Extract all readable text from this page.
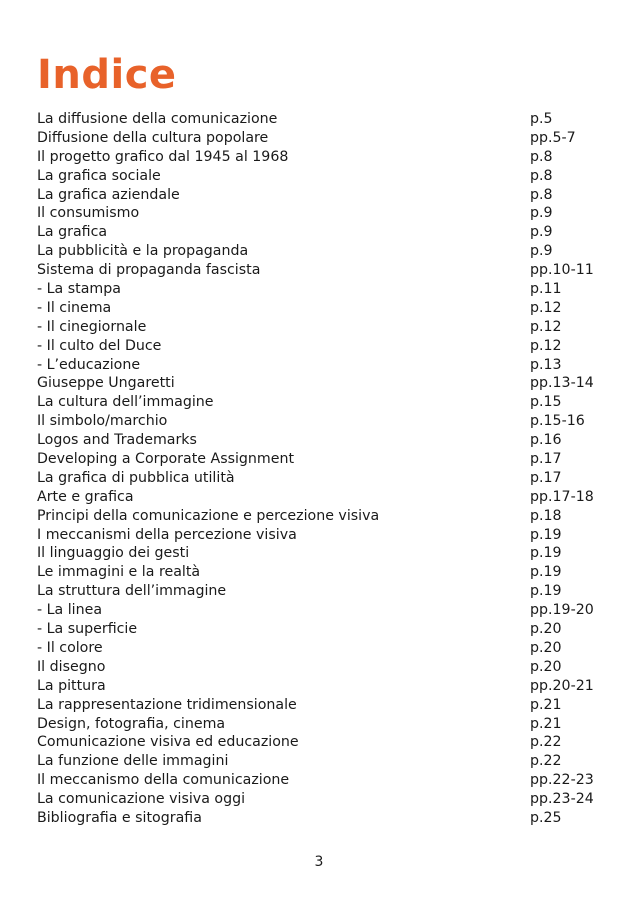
Indice
La diffusione della comunicazione	p.5
Diffusione della cultura popolare	pp.5-7
Il progetto grafico dal 1945 al 1968	p.8
La grafica sociale	p.8
La grafica aziendale	p.8
Il consumismo	p.9
La grafica	p.9
La pubblicità e la propaganda	p.9
Sistema di propaganda fascista	pp.10-11
- La stampa	p.11
- Il cinema	p.12
- Il cinegiornale	p.12
- Il culto del Duce	p.12
- L’educazione	p.13
Giuseppe Ungaretti	pp.13-14
La cultura dell’immagine	p.15
Il simbolo/marchio	p.15-16
Logos and Trademarks	p.16
Developing a Corporate Assignment	p.17
La grafica di pubblica utilità	p.17
Arte e grafica	pp.17-18
Principi della comunicazione e percezione visiva	p.18
I meccanismi della percezione visiva	p.19
Il linguaggio dei gesti	p.19
Le immagini e la realtà	p.19
La struttura dell’immagine	p.19
- La linea	pp.19-20
- La superficie	p.20
- Il colore	p.20
Il disegno	p.20
La pittura	pp.20-21
La rappresentazione tridimensionale	p.21
Design, fotografia, cinema	p.21
Comunicazione visiva ed educazione	p.22
La funzione delle immagini	p.22
Il meccanismo della comunicazione	pp.22-23
La comunicazione visiva oggi	pp.23-24
Bibliografia e sitografia	p.25
3
